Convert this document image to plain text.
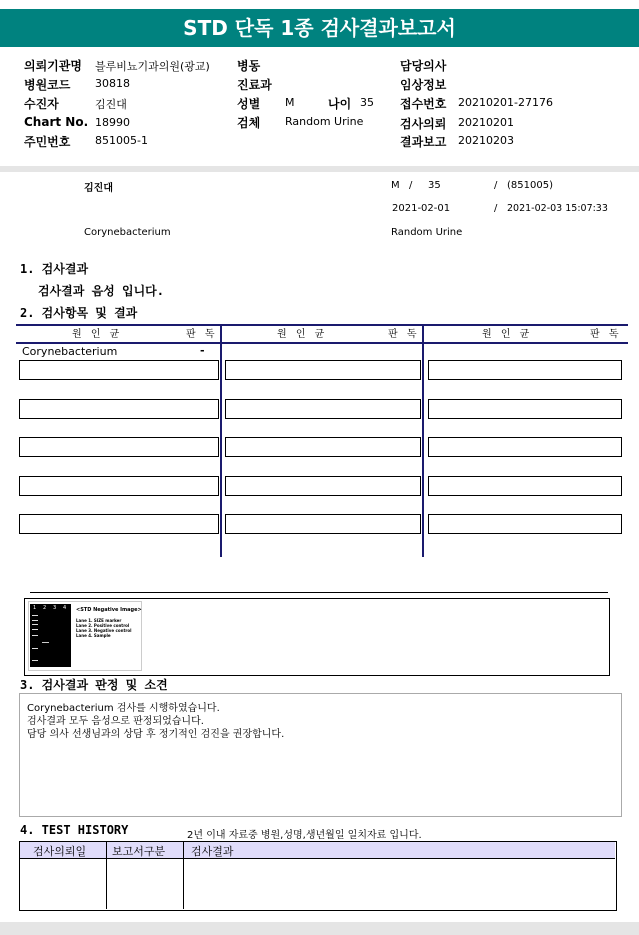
STD 단독 1종 검사결과보고서
의뢰기관명 블루비뇨기과의원(광교) 병동	담당의사
병원코드 30818	진료과	임상정보
수진자	김진대	성별 M	나이 35 접수번호 20210201-27176
Chart No. 18990	검체 Random Urine	검사의뢰 20210201
주민번호 851005-1	결과보고 20210203
김진대	M / 35	/ (851005)
2021-02-01	/ 2021-02-03 15:07:33
Corynebacterium	Random Urine
1. 검사결과
검사결과 음성 입니다.
2. 검사항목 및 결과
원 인 균	판 독	원 인 균	판 독	원 인 균	판 독
Corynebacterium	-
1 2 3 4 <STD Negative Image>
Lane 1. SIZE marker
Lane 2. Positive control
Lane 3. Negative control
Lane 4. Sample
3. 검사결과 판정 및 소견
Corynebacterium 검사를 시행하였습니다.
검사결과 모두 음성으로 판정되었습니다.
담당 의사 선생님과의 상담 후 정기적인 검진을 권장합니다.
4. TEST HISTORY	2년 이내 자료중 병원,성명,생년월일 일치자료 입니다.
검사의뢰일 보고서구분 검사결과
